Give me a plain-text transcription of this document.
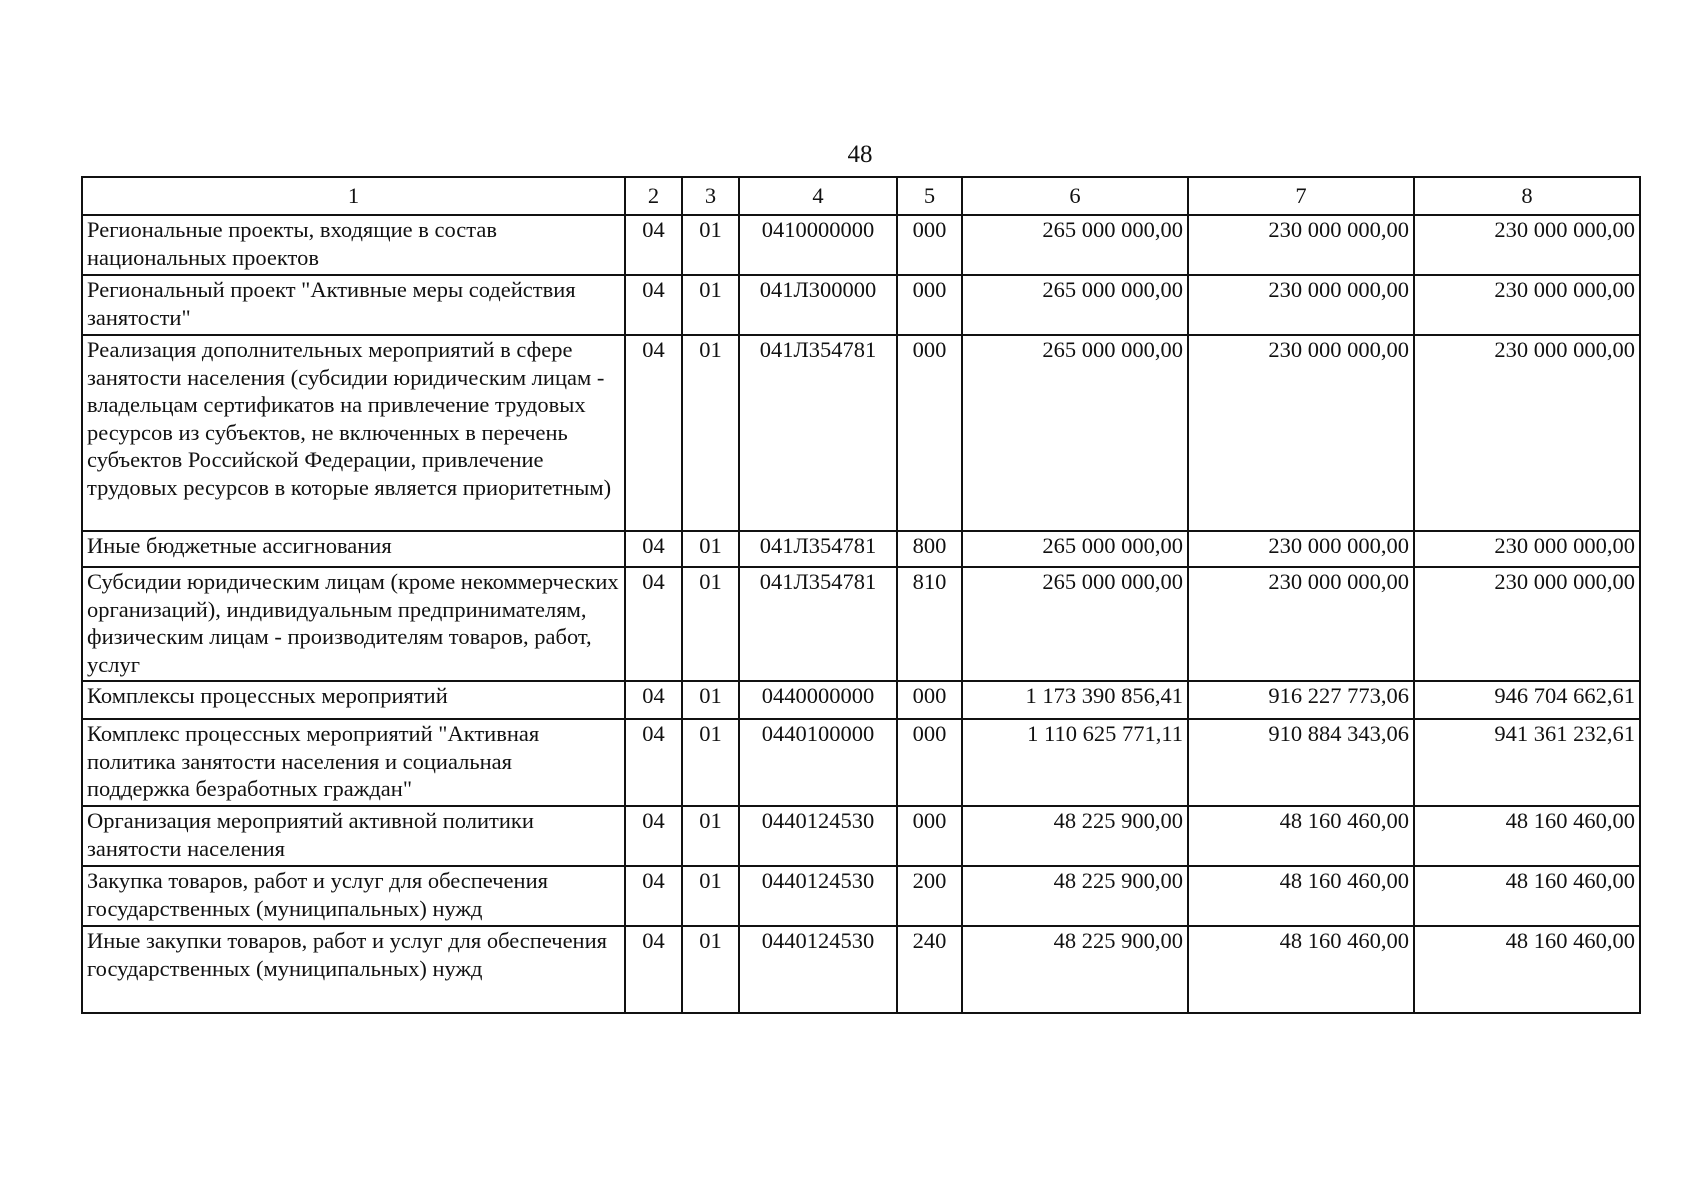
48
1	2	3	4	5	6	7	8
Региональные проекты, входящие в состав национальных проектов	04	01	0410000000	000	265 000 000,00	230 000 000,00	230 000 000,00
Региональный проект "Активные меры содействия занятости"	04	01	041Л300000	000	265 000 000,00	230 000 000,00	230 000 000,00
Реализация дополнительных мероприятий в сфере занятости населения (субсидии юридическим лицам - владельцам сертификатов на привлечение трудовых ресурсов из субъектов, не включенных в перечень субъектов Российской Федерации, привлечение трудовых ресурсов в которые является приоритетным)	04	01	041Л354781	000	265 000 000,00	230 000 000,00	230 000 000,00
Иные бюджетные ассигнования	04	01	041Л354781	800	265 000 000,00	230 000 000,00	230 000 000,00
Субсидии юридическим лицам (кроме некоммерческих организаций), индивидуальным предпринимателям, физическим лицам - производителям товаров, работ, услуг	04	01	041Л354781	810	265 000 000,00	230 000 000,00	230 000 000,00
Комплексы процессных мероприятий	04	01	0440000000	000	1 173 390 856,41	916 227 773,06	946 704 662,61
Комплекс процессных мероприятий "Активная политика занятости населения и социальная поддержка безработных граждан"	04	01	0440100000	000	1 110 625 771,11	910 884 343,06	941 361 232,61
Организация мероприятий активной политики занятости населения	04	01	0440124530	000	48 225 900,00	48 160 460,00	48 160 460,00
Закупка товаров, работ и услуг для обеспечения государственных (муниципальных) нужд	04	01	0440124530	200	48 225 900,00	48 160 460,00	48 160 460,00
Иные закупки товаров, работ и услуг для обеспечения государственных (муниципальных) нужд	04	01	0440124530	240	48 225 900,00	48 160 460,00	48 160 460,00
